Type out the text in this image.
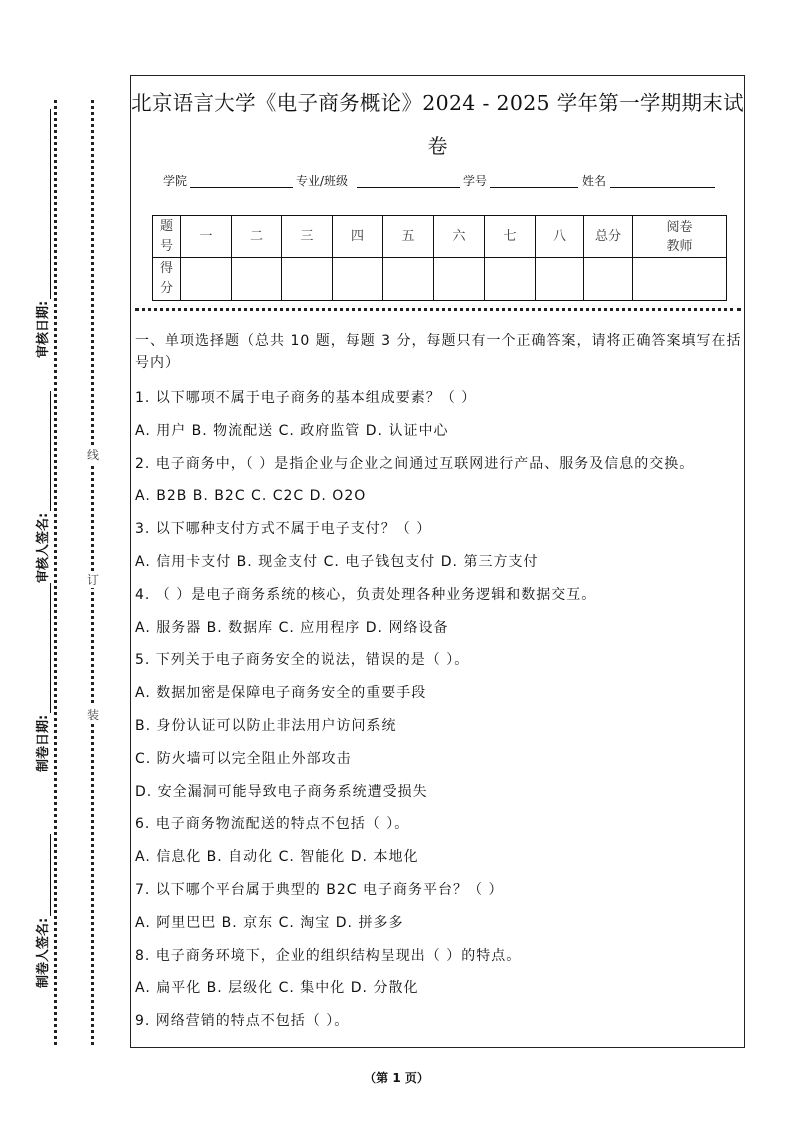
装
订
线
制卷人签名:
制卷日期:
审核人签名:
审核日期:
北京语言大学《电子商务概论》2024 - 2025 学年第一学期期末试
卷
学院	专业/班级	学号	姓名
题号	一	二	三	四	五	六	七	八	总分	阅卷教师
得分										
一、单项选择题（总共 10 题，每题 3 分，每题只有一个正确答案，请将正确答案填写在括号内）
1. 以下哪项不属于电子商务的基本组成要素？（ ）
A. 用户 B. 物流配送 C. 政府监管 D. 认证中心
2. 电子商务中，（ ）是指企业与企业之间通过互联网进行产品、服务及信息的交换。
A. B2B B. B2C C. C2C D. O2O
3. 以下哪种支付方式不属于电子支付？（ ）
A. 信用卡支付 B. 现金支付 C. 电子钱包支付 D. 第三方支付
4. （ ）是电子商务系统的核心，负责处理各种业务逻辑和数据交互。
A. 服务器 B. 数据库 C. 应用程序 D. 网络设备
5. 下列关于电子商务安全的说法，错误的是（ ）。
A. 数据加密是保障电子商务安全的重要手段
B. 身份认证可以防止非法用户访问系统
C. 防火墙可以完全阻止外部攻击
D. 安全漏洞可能导致电子商务系统遭受损失
6. 电子商务物流配送的特点不包括（ ）。
A. 信息化 B. 自动化 C. 智能化 D. 本地化
7. 以下哪个平台属于典型的 B2C 电子商务平台？（ ）
A. 阿里巴巴 B. 京东 C. 淘宝 D. 拼多多
8. 电子商务环境下，企业的组织结构呈现出（ ）的特点。
A. 扁平化 B. 层级化 C. 集中化 D. 分散化
9. 网络营销的特点不包括（ ）。
（第 1 页）
